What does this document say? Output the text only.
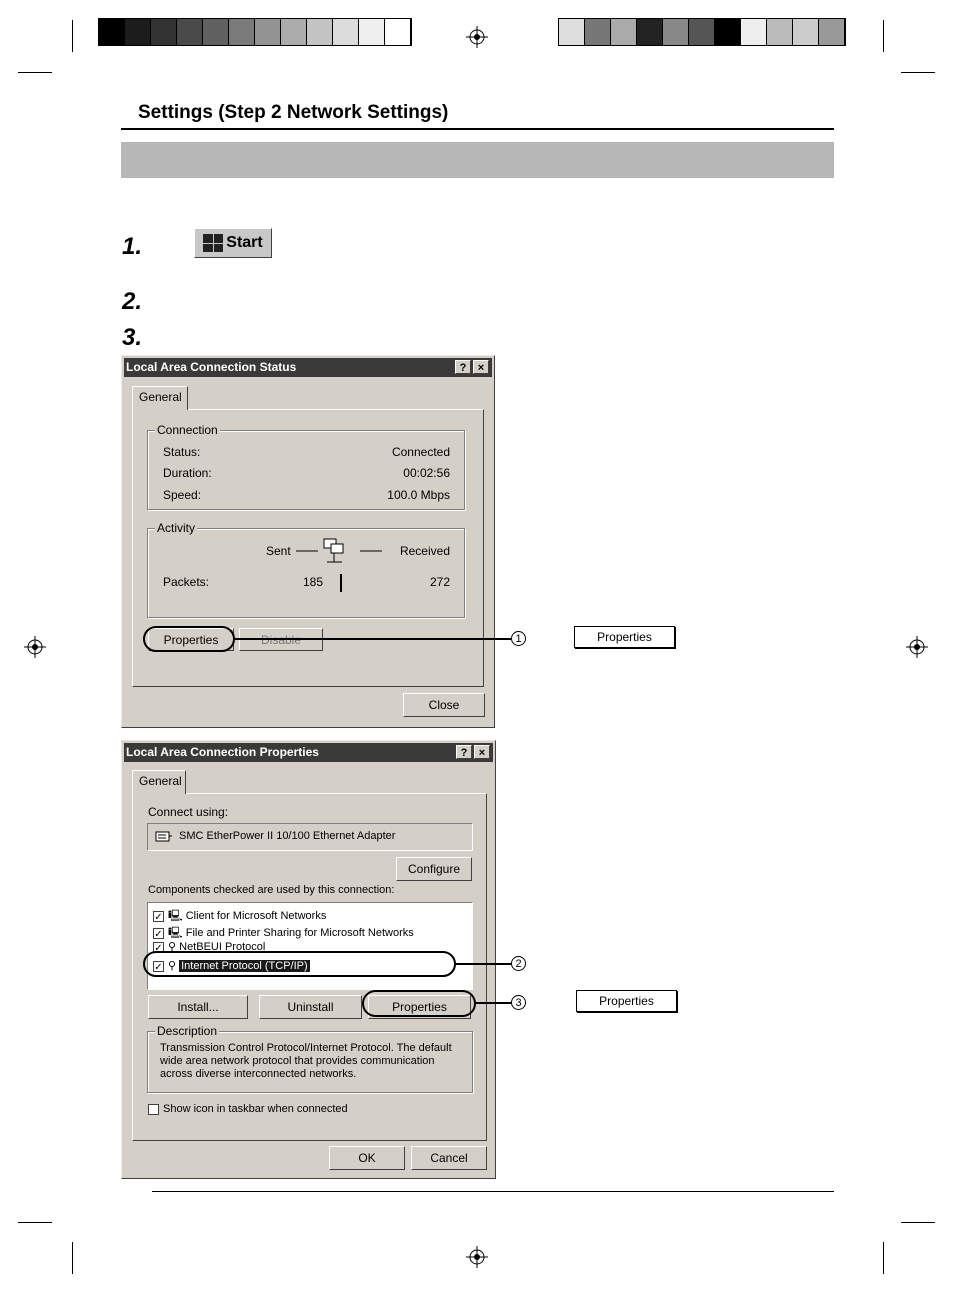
Settings (Step 2 Network Settings)
1.	Start
2.
3.
Local Area Connection Status	?	×
General
Connection
Status:	Connected
Duration:	00:02:56
Speed:	100.0 Mbps
Activity
Sent	Received
Packets:	185	272
Properties
Close
1	Properties
Local Area Connection Properties	?	×
General
Connect using:
SMC EtherPower II 10/100 Ethernet Adapter
Configure
Components checked are used by this connection:
✓ 🖳 Client for Microsoft Networks
✓ 🖳 File and Printer Sharing for Microsoft Networks
✓ ⚲ NetBEUI Protocol
✓ ⚲ Internet Protocol (TCP/IP)
Install...	Uninstall	Properties
Description
Transmission Control Protocol/Internet Protocol. The default wide area network protocol that provides communication across diverse interconnected networks.
Show icon in taskbar when connected
OK	Cancel
2
3	Properties
